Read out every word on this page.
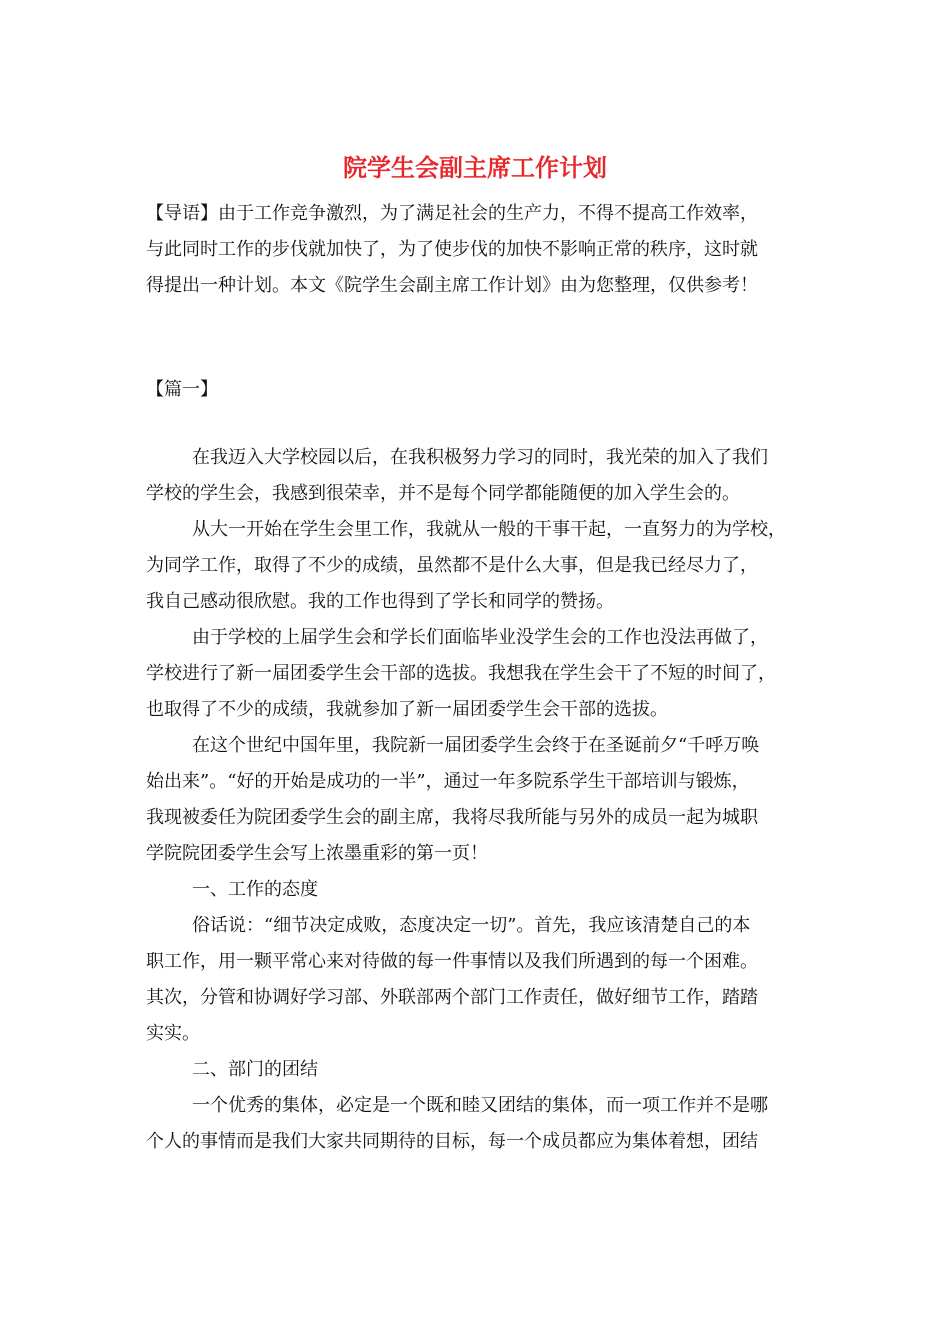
院学生会副主席工作计划
【导语】由于工作竞争激烈，为了满足社会的生产力，不得不提高工作效率，
与此同时工作的步伐就加快了，为了使步伐的加快不影响正常的秩序，这时就
得提出一种计划。本文《院学生会副主席工作计划》由为您整理，仅供参考！
【篇一】
在我迈入大学校园以后，在我积极努力学习的同时，我光荣的加入了我们
学校的学生会，我感到很荣幸，并不是每个同学都能随便的加入学生会的。
从大一开始在学生会里工作，我就从一般的干事干起，一直努力的为学校，
为同学工作，取得了不少的成绩，虽然都不是什么大事，但是我已经尽力了，
我自己感动很欣慰。我的工作也得到了学长和同学的赞扬。
由于学校的上届学生会和学长们面临毕业没学生会的工作也没法再做了，
学校进行了新一届团委学生会干部的选拔。我想我在学生会干了不短的时间了，
也取得了不少的成绩，我就参加了新一届团委学生会干部的选拔。
在这个世纪中国年里，我院新一届团委学生会终于在圣诞前夕“千呼万唤
始出来”。“好的开始是成功的一半”，通过一年多院系学生干部培训与锻炼，
我现被委任为院团委学生会的副主席，我将尽我所能与另外的成员一起为城职
学院院团委学生会写上浓墨重彩的第一页！
一、工作的态度
俗话说：“细节决定成败，态度决定一切”。首先，我应该清楚自己的本
职工作，用一颗平常心来对待做的每一件事情以及我们所遇到的每一个困难。
其次，分管和协调好学习部、外联部两个部门工作责任，做好细节工作，踏踏
实实。
二、部门的团结
一个优秀的集体，必定是一个既和睦又团结的集体，而一项工作并不是哪
个人的事情而是我们大家共同期待的目标，每一个成员都应为集体着想，团结
